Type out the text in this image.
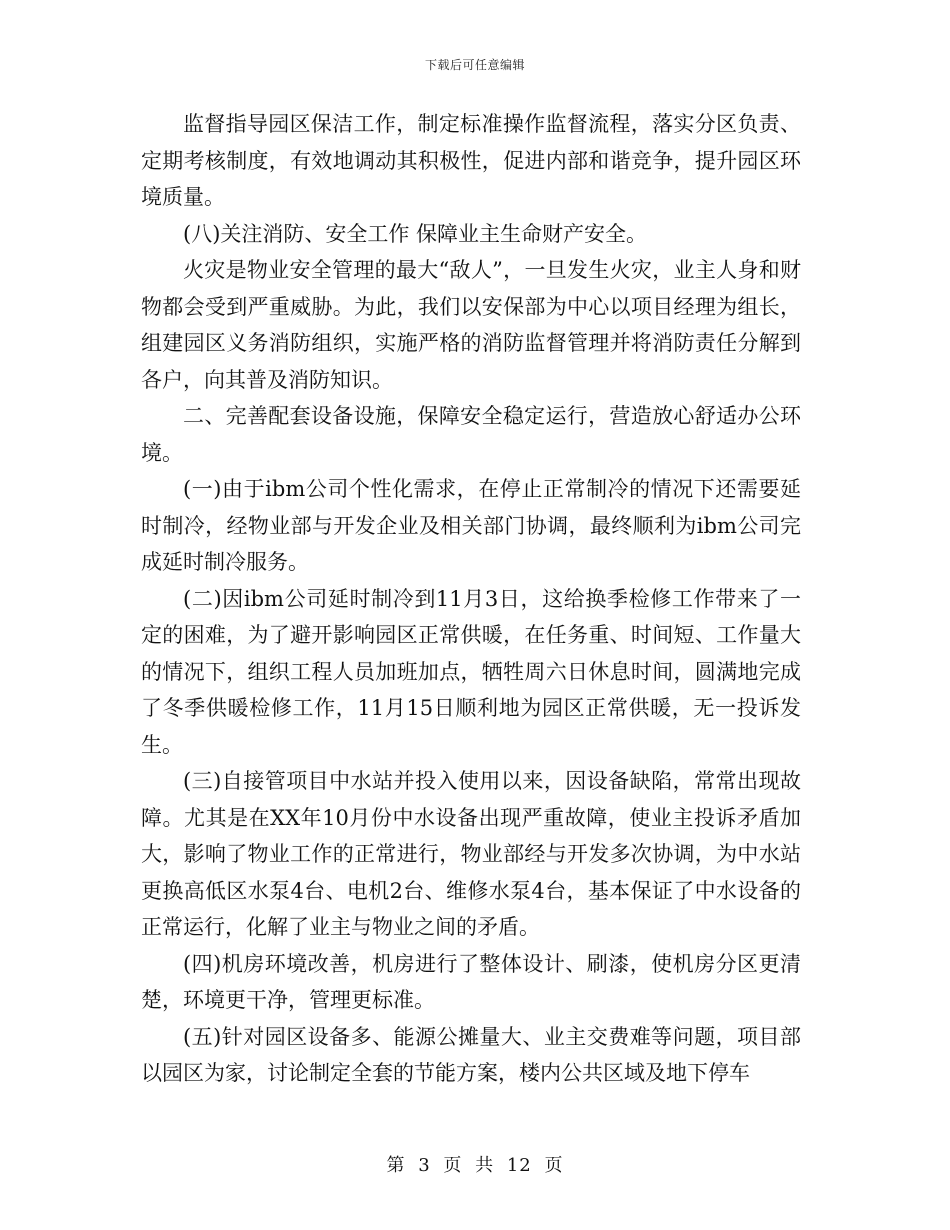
下载后可任意编辑

监督指导园区保洁工作，制定标准操作监督流程，落实分区负责、定期考核制度，有效地调动其积极性，促进内部和谐竞争，提升园区环境质量。

(八)关注消防、安全工作 保障业主生命财产安全。

火灾是物业安全管理的最大“敌人”，一旦发生火灾，业主人身和财物都会受到严重威胁。为此，我们以安保部为中心以项目经理为组长，组建园区义务消防组织，实施严格的消防监督管理并将消防责任分解到各户，向其普及消防知识。

二、完善配套设备设施，保障安全稳定运行，营造放心舒适办公环境。

(一)由于ibm公司个性化需求，在停止正常制冷的情况下还需要延时制冷，经物业部与开发企业及相关部门协调，最终顺利为ibm公司完成延时制冷服务。

(二)因ibm公司延时制冷到11月3日，这给换季检修工作带来了一定的困难，为了避开影响园区正常供暖，在任务重、时间短、工作量大的情况下，组织工程人员加班加点，牺牲周六日休息时间，圆满地完成了冬季供暖检修工作，11月15日顺利地为园区正常供暖，无一投诉发生。

(三)自接管项目中水站并投入使用以来，因设备缺陷，常常出现故障。尤其是在XX年10月份中水设备出现严重故障，使业主投诉矛盾加大，影响了物业工作的正常进行，物业部经与开发多次协调，为中水站更换高低区水泵4台、电机2台、维修水泵4台，基本保证了中水设备的正常运行，化解了业主与物业之间的矛盾。

(四)机房环境改善，机房进行了整体设计、刷漆，使机房分区更清楚，环境更干净，管理更标准。

(五)针对园区设备多、能源公摊量大、业主交费难等问题，项目部以园区为家，讨论制定全套的节能方案，楼内公共区域及地下停车

第 3 页 共 12 页
